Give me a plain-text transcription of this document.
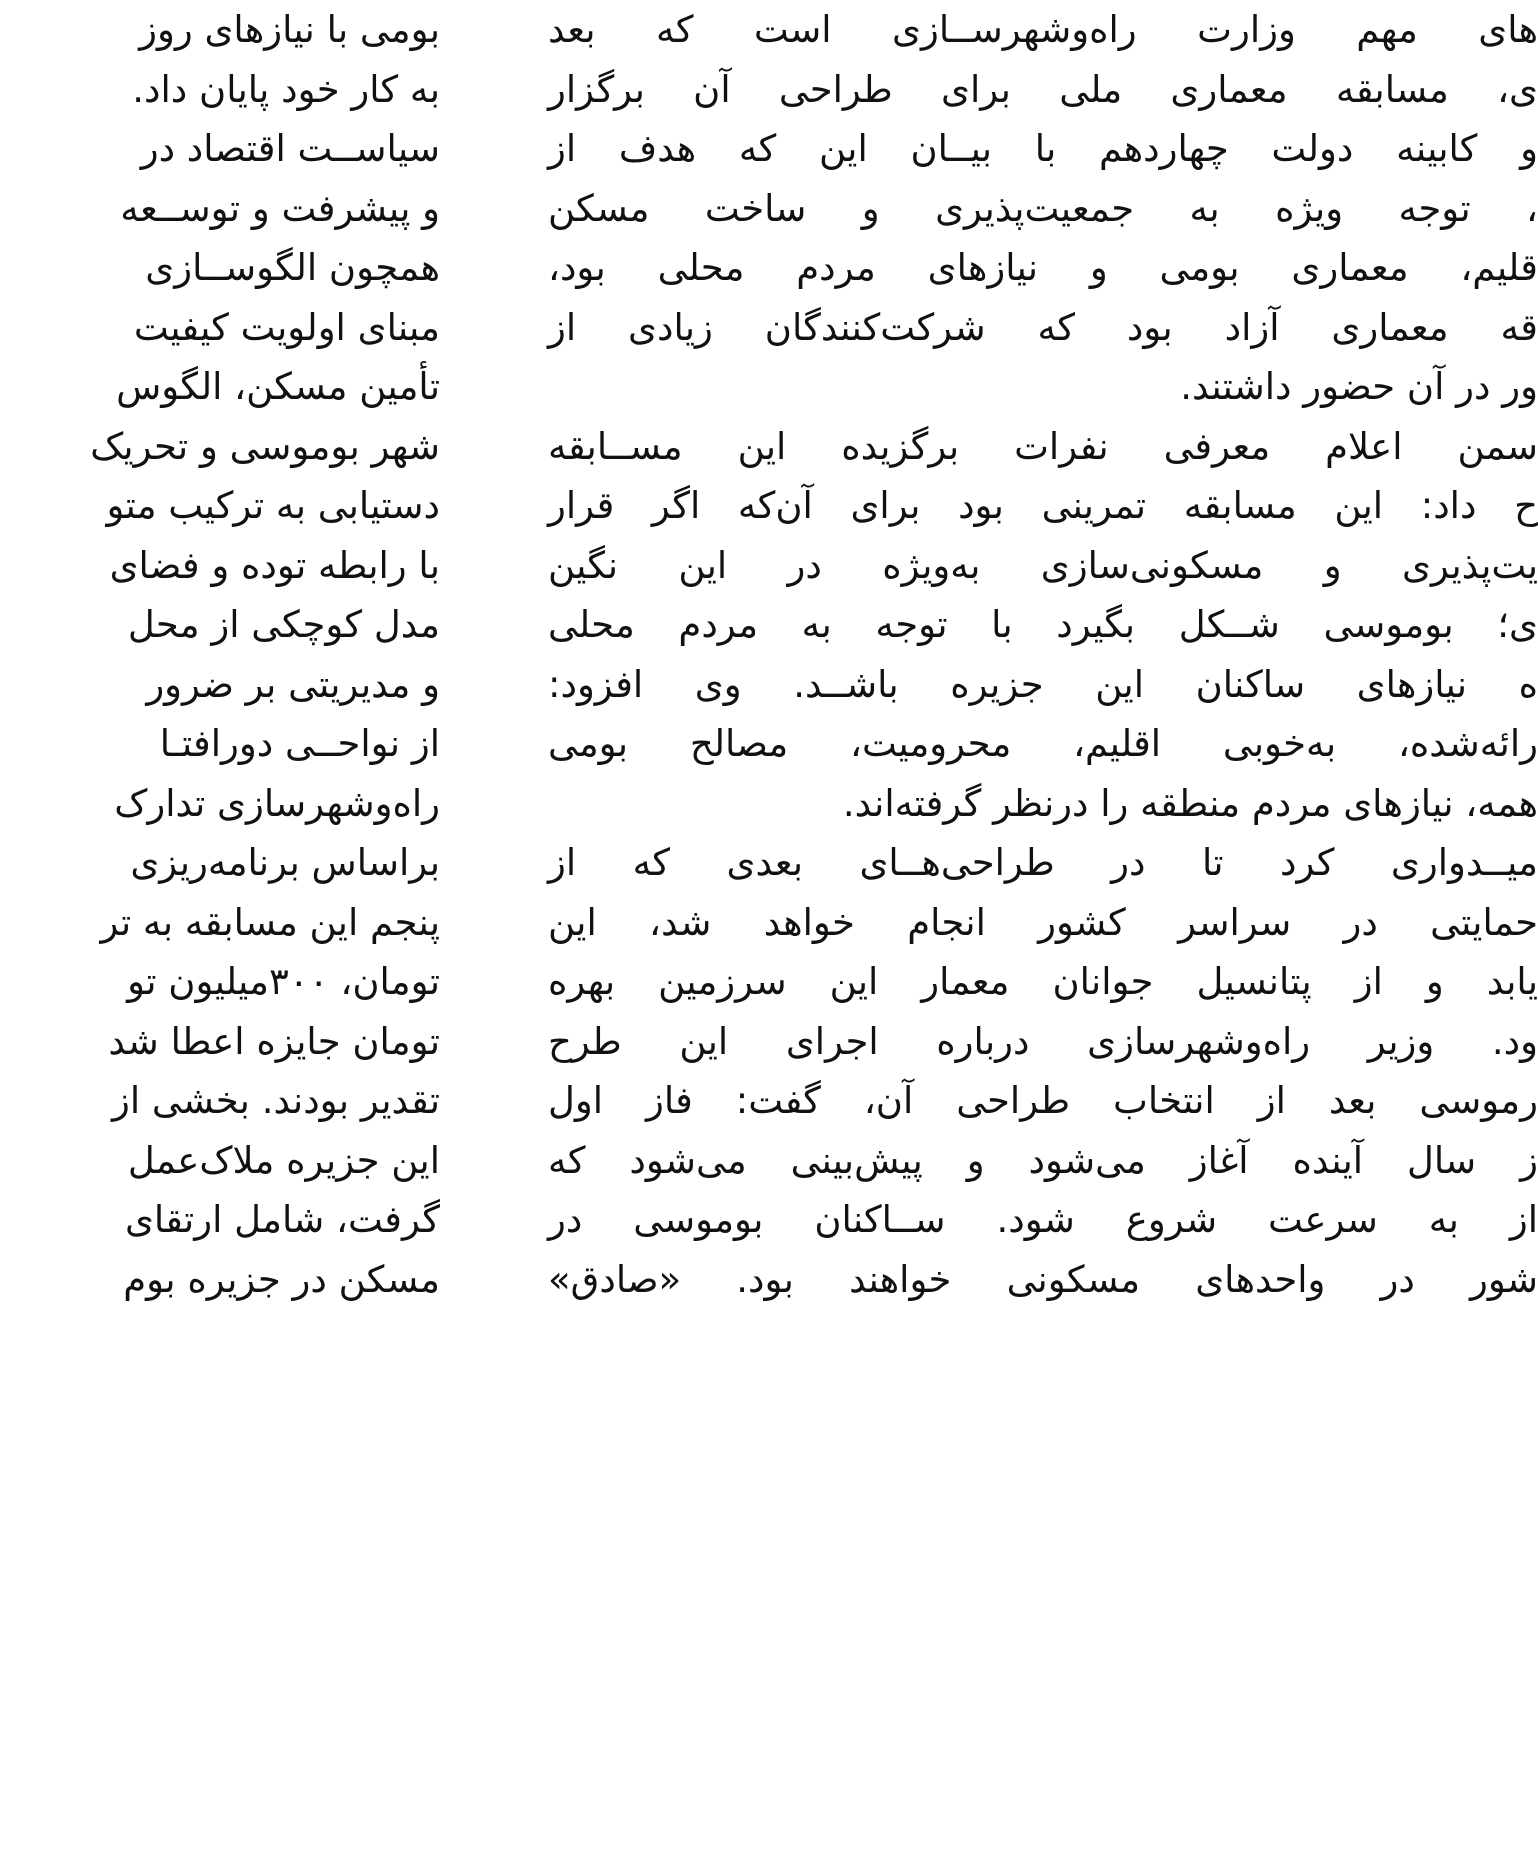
بومی با نیازهای روز
به کار خود پایان داد.
سیاســت اقتصاد در
و پیشرفت و توســعه
همچون الگوســازی
مبنای اولویت کیفیت
تأمین مسکن، الگوس
شهر بوموسی و تحریک
دستیابی به ترکیب متو
با رابطه توده و فضای
مدل کوچکی از محل
و مدیریتی بر ضرور
از نواحــی دورافتـا
راه‌وشهرسازی تدارک
براساس برنامه‌ریزی
پنجم این مسابقه به تر
تومان، ۳۰۰میلیون تو
تومان جایزه اعطا شد
تقدیر بودند. بخشی از
این جزیره ملاک‌عمل
گرفت، شامل ارتقای
مسکن در جزیره بوم
های مهم وزارت راه‌وشهرســازی است که بعد
ی، مسابقه معماری ملی برای طراحی آن برگزار
و کابینه دولت چهاردهم با بیــان این که هدف از
، توجه ویژه به جمعیت‌پذیری و ساخت مسکن
قلیم، معماری بومی و نیازهای مردم محلی بود،
قه معماری آزاد بود که شرکت‌کنندگان زیادی از
ور در آن حضور داشتند.
سمن اعلام معرفی نفرات برگزیده این مســابقه
ح داد: این مسابقه تمرینی بود برای آن‌که اگر قرار
یت‌پذیری و مسکونی‌سازی به‌ویژه در این نگین
ی؛ بوموسی شــکل بگیرد با توجه به مردم محلی
ه نیازهای ساکنان این جزیره باشــد. وی افزود:
رائه‌شده، به‌خوبی اقلیم، محرومیت، مصالح بومی
همه، نیازهای مردم منطقه را درنظر گرفته‌اند.
میــدواری کرد تا در طراحی‌هــای بعدی که از
حمایتی در سراسر کشور انجام خواهد شد، این
یابد و از پتانسیل جوانان معمار این سرزمین بهره
ود. وزیر راه‌وشهرسازی درباره اجرای این طرح
رموسی بعد از انتخاب طراحی آن، گفت: فاز اول
ز سال آینده آغاز می‌شود و پیش‌بینی می‌شود که
از به سرعت شروع شود. ســاکنان بوموسی در
شور در واحدهای مسکونی خواهند بود. «صادق»
